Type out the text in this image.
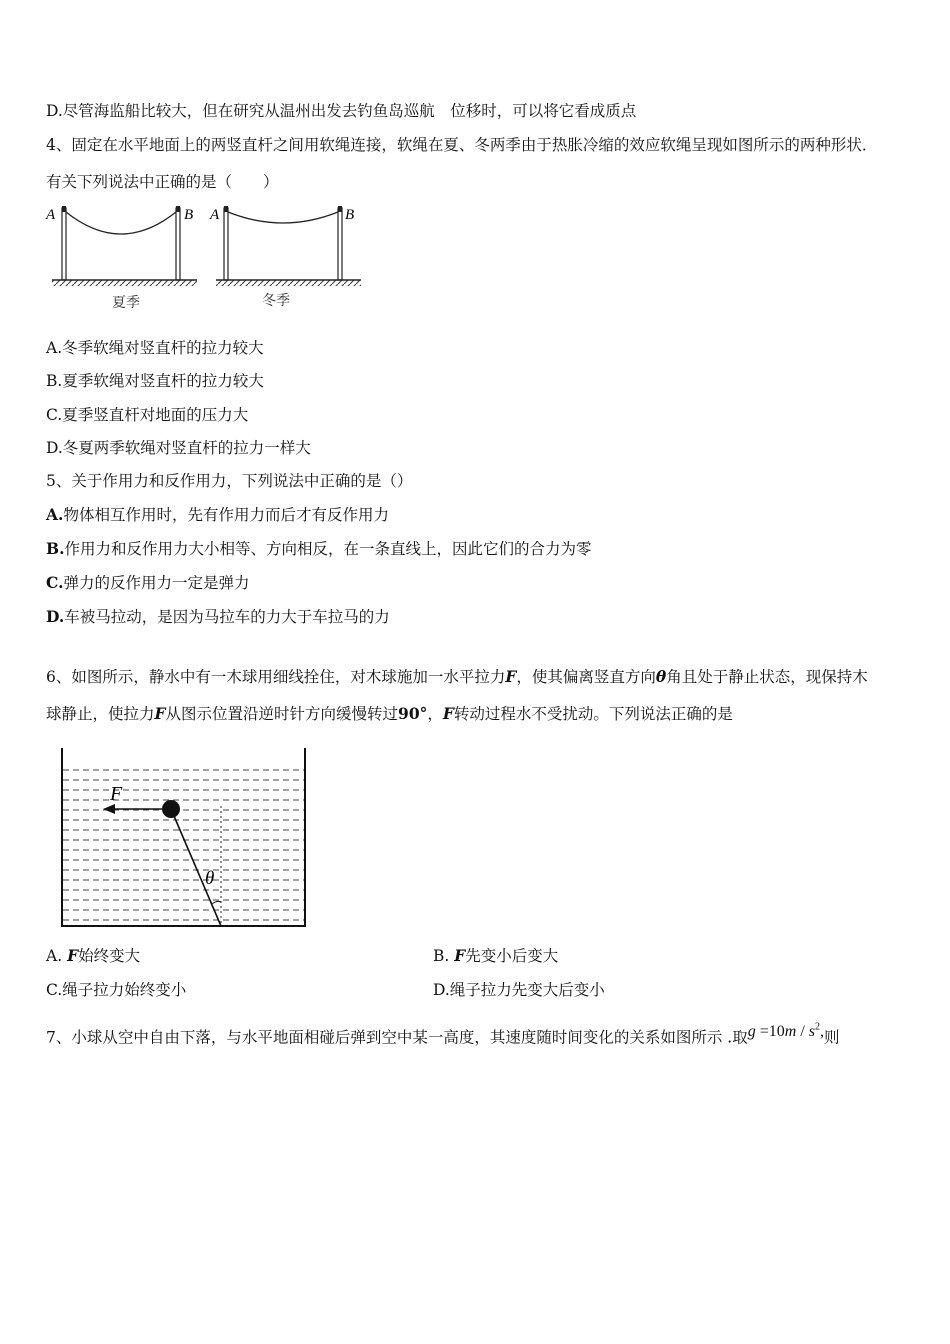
D.尽管海监船比较大，但在研究从温州出发去钓鱼岛巡航　位移时，可以将它看成质点
4、固定在水平地面上的两竖直杆之间用软绳连接，软绳在夏、冬两季由于热胀冷缩的效应软绳呈现如图所示的两种形状．
有关下列说法中正确的是（　　）
A	B
夏季
A	B
冬季
A.冬季软绳对竖直杆的拉力较大
B.夏季软绳对竖直杆的拉力较大
C.夏季竖直杆对地面的压力大
D.冬夏两季软绳对竖直杆的拉力一样大
5、关于作用力和反作用力，下列说法中正确的是（）
A.物体相互作用时，先有作用力而后才有反作用力
B.作用力和反作用力大小相等、方向相反，在一条直线上，因此它们的合力为零
C.弹力的反作用力一定是弹力
D.车被马拉动，是因为马拉车的力大于车拉马的力
6、如图所示，静水中有一木球用细线拴住，对木球施加一水平拉力F，使其偏离竖直方向θ角且处于静止状态，现保持木
球静止，使拉力F从图示位置沿逆时针方向缓慢转过90°，F转动过程水不受扰动。下列说法正确的是
F
θ
A. F始终变大	B. F先变小后变大
C.绳子拉力始终变小	D.绳子拉力先变大后变小
7、小球从空中自由下落，与水平地面相碰后弹到空中某一高度，其速度随时间变化的关系如图所示 .取$g =10m / s^2$,则
